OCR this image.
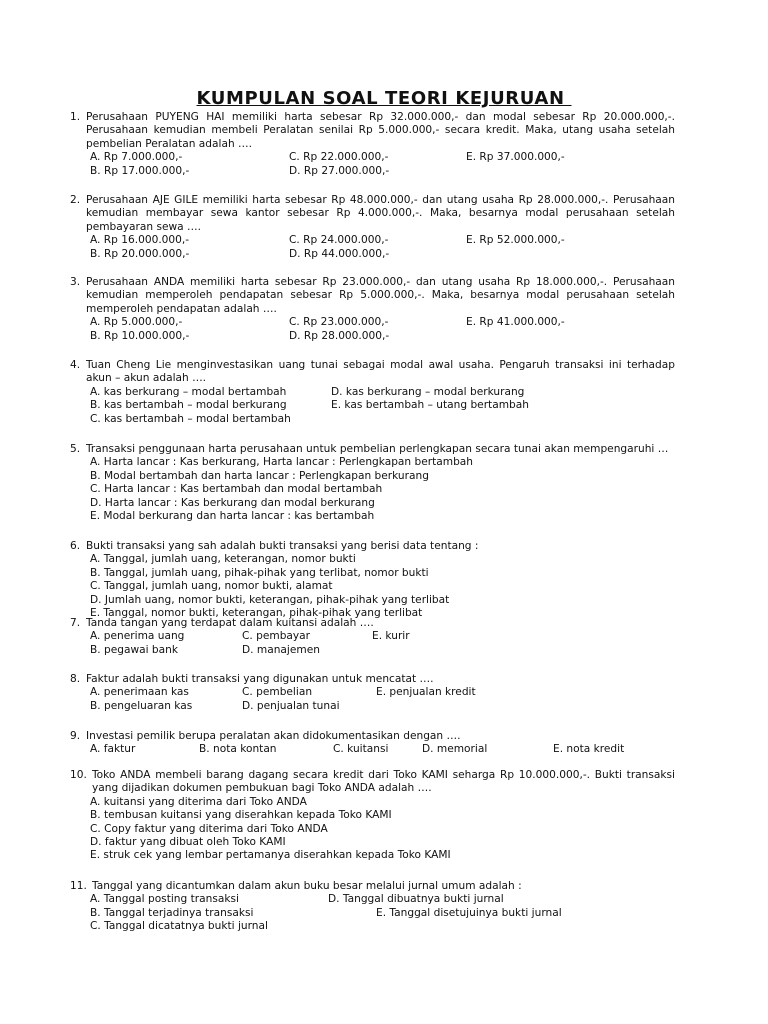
KUMPULAN SOAL TEORI KEJURUAN
1. Perusahaan PUYENG HAI memiliki harta sebesar Rp 32.000.000,- dan modal sebesar Rp 20.000.000,-. Perusahaan kemudian membeli Peralatan senilai Rp 5.000.000,- secara kredit. Maka, utang usaha setelah pembelian Peralatan adalah ….
A. Rp 7.000.000,-	C. Rp 22.000.000,-	E. Rp 37.000.000,-
B. Rp 17.000.000,-	D. Rp 27.000.000,-
2. Perusahaan AJE GILE memiliki harta sebesar Rp 48.000.000,- dan utang usaha Rp 28.000.000,-. Perusahaan kemudian membayar sewa kantor sebesar Rp 4.000.000,-. Maka, besarnya modal perusahaan setelah pembayaran sewa ….
A. Rp 16.000.000,-	C. Rp 24.000.000,-	E. Rp 52.000.000,-
B. Rp 20.000.000,-	D. Rp 44.000.000,-
3. Perusahaan ANDA memiliki harta sebesar Rp 23.000.000,- dan utang usaha Rp 18.000.000,-. Perusahaan kemudian memperoleh pendapatan sebesar Rp 5.000.000,-. Maka, besarnya modal perusahaan setelah memperoleh pendapatan adalah ….
A. Rp 5.000.000,-	C. Rp 23.000.000,-	E. Rp 41.000.000,-
B. Rp 10.000.000,-	D. Rp 28.000.000,-
4. Tuan Cheng Lie menginvestasikan uang tunai sebagai modal awal usaha. Pengaruh transaksi ini terhadap akun – akun adalah ….
A. kas berkurang – modal bertambah	D. kas berkurang – modal berkurang
B. kas bertambah – modal berkurang	E. kas bertambah – utang bertambah
C. kas bertambah – modal bertambah
5. Transaksi penggunaan harta perusahaan untuk pembelian perlengkapan secara tunai akan mempengaruhi …
A. Harta lancar : Kas berkurang, Harta lancar : Perlengkapan bertambah
B. Modal bertambah dan harta lancar : Perlengkapan berkurang
C. Harta lancar : Kas bertambah dan modal bertambah
D. Harta lancar : Kas berkurang dan modal berkurang
E. Modal berkurang dan harta lancar : kas bertambah
6. Bukti transaksi yang sah adalah bukti transaksi yang berisi data tentang :
A. Tanggal, jumlah uang, keterangan, nomor bukti
B. Tanggal, jumlah uang, pihak-pihak yang terlibat, nomor bukti
C. Tanggal, jumlah uang, nomor bukti, alamat
D. Jumlah uang, nomor bukti, keterangan, pihak-pihak yang terlibat
E. Tanggal, nomor bukti, keterangan, pihak-pihak yang terlibat
7. Tanda tangan yang terdapat dalam kuitansi adalah ….
A. penerima uang	C. pembayar	E. kurir
B. pegawai bank	D. manajemen
8. Faktur adalah bukti transaksi yang digunakan untuk mencatat ….
A. penerimaan kas	C. pembelian	E. penjualan kredit
B. pengeluaran kas	D. penjualan tunai
9. Investasi pemilik berupa peralatan akan didokumentasikan dengan ….
A. faktur	B. nota kontan	C. kuitansi	D. memorial	E. nota kredit
10. Toko ANDA membeli barang dagang secara kredit dari Toko KAMI seharga Rp 10.000.000,-. Bukti transaksi yang dijadikan dokumen pembukuan bagi Toko ANDA adalah ….
A. kuitansi yang diterima dari Toko ANDA
B. tembusan kuitansi yang diserahkan kepada Toko KAMI
C. Copy faktur yang diterima dari Toko ANDA
D. faktur yang dibuat oleh Toko KAMI
E. struk cek yang lembar pertamanya diserahkan kepada Toko KAMI
11. Tanggal yang dicantumkan dalam akun buku besar melalui jurnal umum adalah :
A. Tanggal posting transaksi	D. Tanggal dibuatnya bukti jurnal
B. Tanggal terjadinya transaksi	E. Tanggal disetujuinya bukti jurnal
C. Tanggal dicatatnya bukti jurnal
